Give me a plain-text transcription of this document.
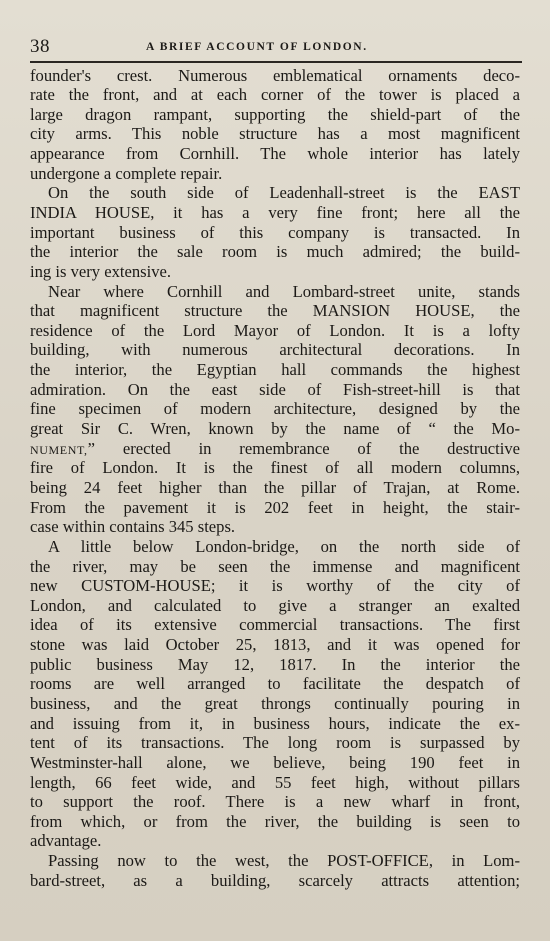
38	A BRIEF ACCOUNT OF LONDON.
founder's crest. Numerous emblematical ornaments deco-
rate the front, and at each corner of the tower is placed a
large dragon rampant, supporting the shield-part of the
city arms. This noble structure has a most magnificent
appearance from Cornhill. The whole interior has lately
undergone a complete repair.
On the south side of Leadenhall-street is the EAST
INDIA HOUSE, it has a very fine front; here all the
important business of this company is transacted. In
the interior the sale room is much admired; the build-
ing is very extensive.
Near where Cornhill and Lombard-street unite, stands
that magnificent structure the MANSION HOUSE, the
residence of the Lord Mayor of London. It is a lofty
building, with numerous architectural decorations. In
the interior, the Egyptian hall commands the highest
admiration. On the east side of Fish-street-hill is that
fine specimen of modern architecture, designed by the
great Sir C. Wren, known by the name of “ the Mo-
NUMENT,” erected in remembrance of the destructive
fire of London. It is the finest of all modern columns,
being 24 feet higher than the pillar of Trajan, at Rome.
From the pavement it is 202 feet in height, the stair-
case within contains 345 steps.
A little below London-bridge, on the north side of
the river, may be seen the immense and magnificent
new CUSTOM-HOUSE; it is worthy of the city of
London, and calculated to give a stranger an exalted
idea of its extensive commercial transactions. The first
stone was laid October 25, 1813, and it was opened for
public business May 12, 1817. In the interior the
rooms are well arranged to facilitate the despatch of
business, and the great throngs continually pouring in
and issuing from it, in business hours, indicate the ex-
tent of its transactions. The long room is surpassed by
Westminster-hall alone, we believe, being 190 feet in
length, 66 feet wide, and 55 feet high, without pillars
to support the roof. There is a new wharf in front,
from which, or from the river, the building is seen to
advantage.
Passing now to the west, the POST-OFFICE, in Lom-
bard-street, as a building, scarcely attracts attention;
